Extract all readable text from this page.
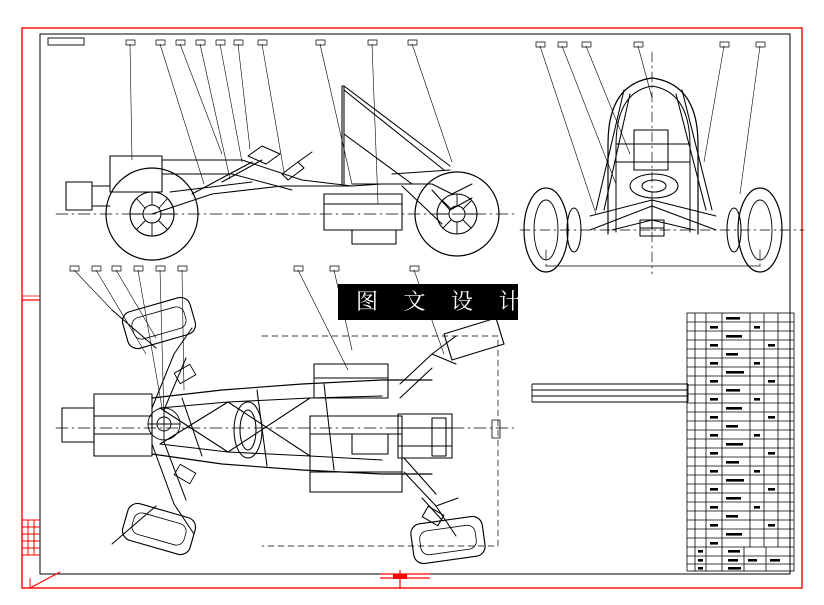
图 文 设 计
